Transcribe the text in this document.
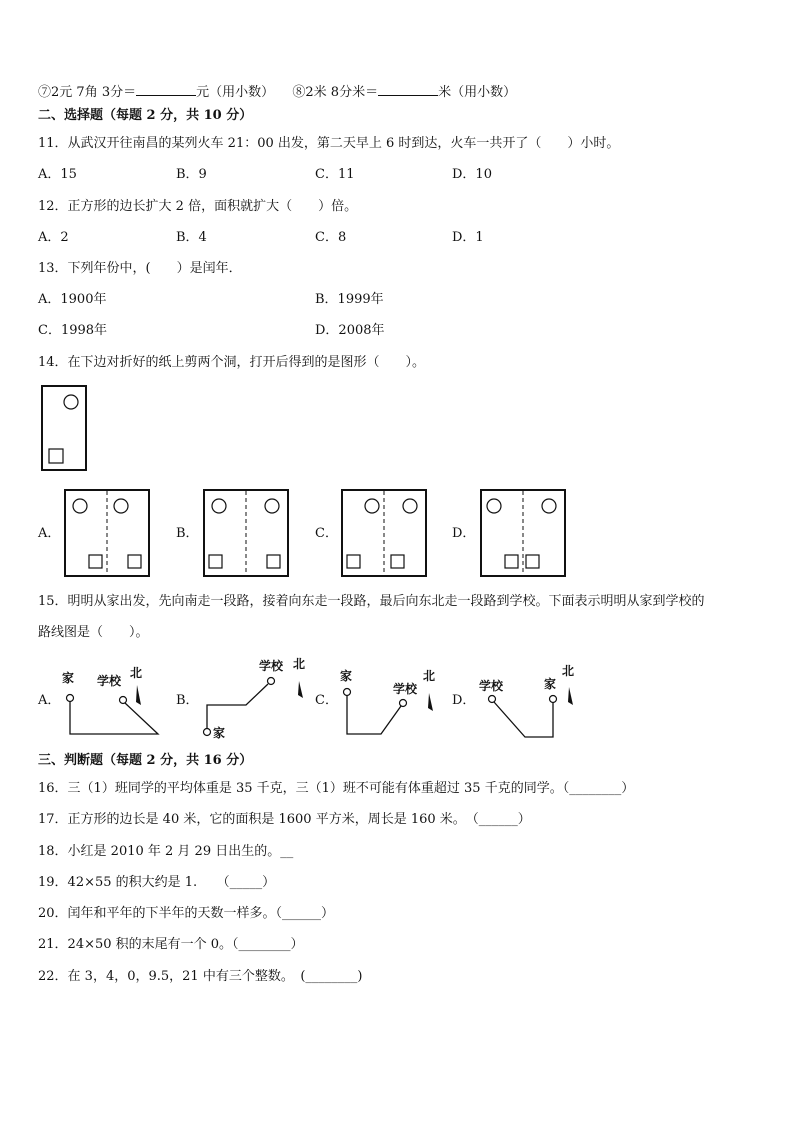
⑦2元 7角 3分＝	元（用小数） ⑧2米 8分米＝	米（用小数）
二、选择题（每题 2 分，共 10 分）
11．从武汉开往南昌的某列火车 21：00 出发，第二天早上 6 时到达，火车一共开了（　　）小时。
A．15	B．9	C．11	D．10
12．正方形的边长扩大 2 倍，面积就扩大（　　）倍。
A．2	B．4	C．8	D．1
13．下列年份中，(　　）是闰年．
A．1900年	B．1999年
C．1998年	D．2008年
14．在下边对折好的纸上剪两个洞，打开后得到的是图形（　　）。
A．	B．	C．	D．
15．明明从家出发，先向南走一段路，接着向东走一段路，最后向东北走一段路到学校。下面表示明明从家到学校的
路线图是（　　）。
A．
家 学校
北
B．
学校 北
家
C．
家
学校
北
D．
学校	家
北
三、判断题（每题 2 分，共 16 分）
16．三（1）班同学的平均体重是 35 千克，三（1）班不可能有体重超过 35 千克的同学。（________）
17．正方形的边长是 40 米，它的面积是 1600 平方米，周长是 160 米。　（______）
18．小红是 2010 年 2 月 29 日出生的。__
19．42×55 的积大约是 1.　　（_____）
20．闰年和平年的下半年的天数一样多。（______）
21．24×50 积的末尾有一个 0。（________）
22．在 3，4，0，9.5，21 中有三个整数。　(________)
